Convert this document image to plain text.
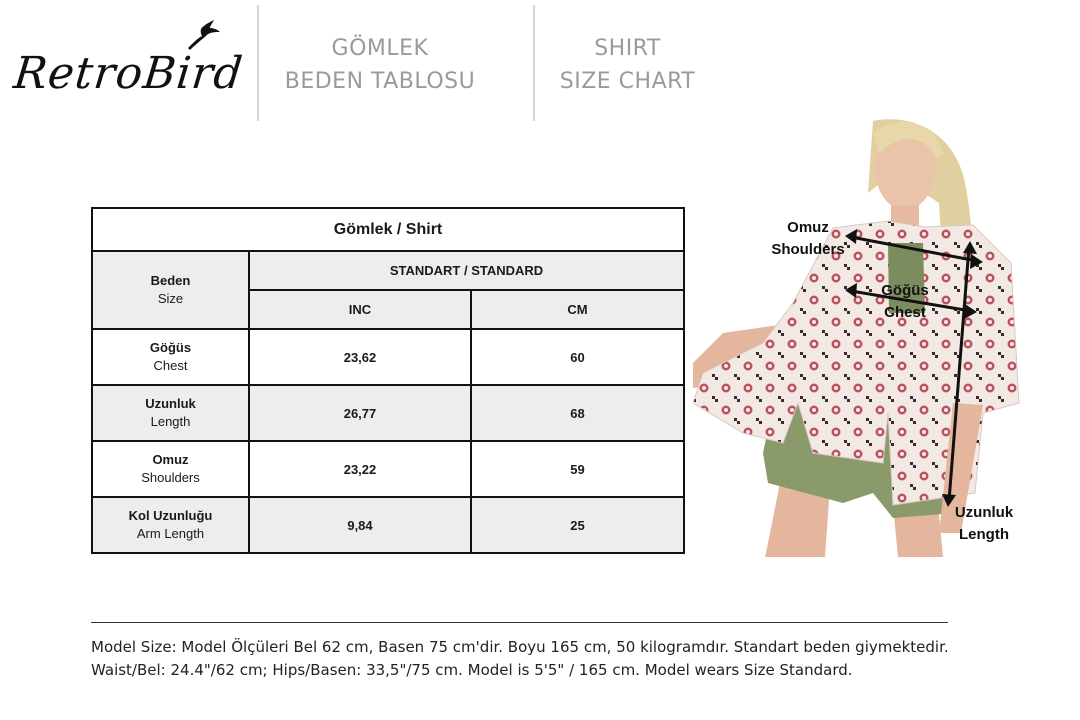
RetroBird	GÖMLEK
BEDEN TABLOSU
SHIRT
SIZE CHART
Gömlek / Shirt		

Beden
Size	STANDART / STANDARD	
	INC	CM

Göğüs
Chest	23,62	60

Uzunluk
Length	26,77	68

Omuz
Shoulders	23,22	59

Kol Uzunluğu
Arm Length	9,84	25
Omuz
Shoulders
Göğüs
Chest
Uzunluk
Length
Model Size: Model Ölçüleri Bel 62 cm, Basen 75 cm'dir. Boyu 165 cm, 50 kilogramdır. Standart beden giymektedir.
Waist/Bel: 24.4"/62 cm; Hips/Basen: 33,5"/75 cm. Model is 5'5" / 165 cm. Model wears Size Standard.
